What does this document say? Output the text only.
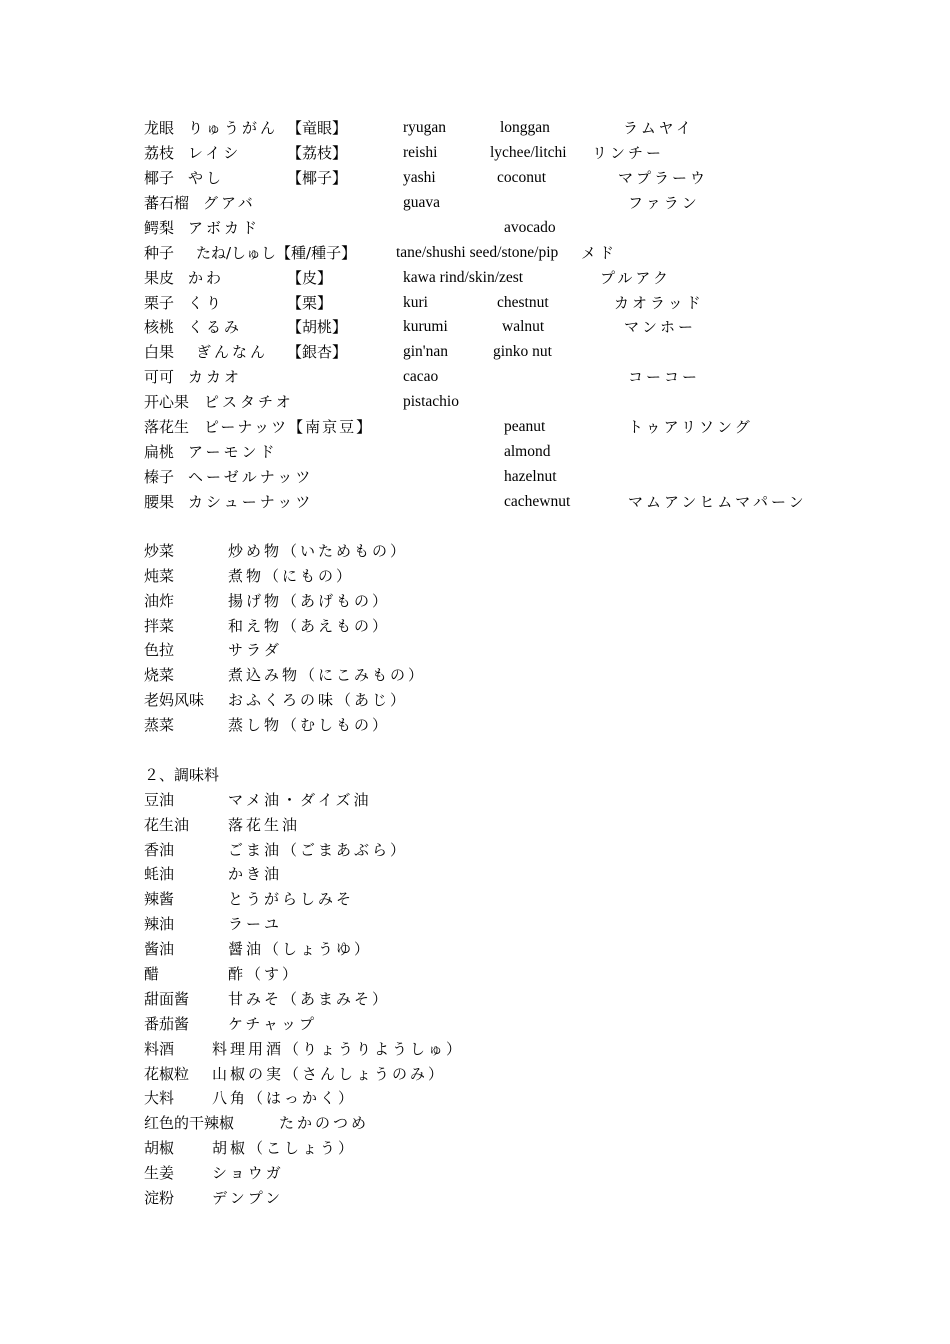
龙眼 りゅうがん 【竜眼】	ryugan	longgan	ラムヤイ
荔枝 レイシ	【荔枝】	reishi	lychee/litchi リンチー
椰子 やし	【椰子】	yashi	coconut	マプラーウ
蕃石榴 グアバ	guava	ファラン
鳄梨 アボカド	avocado
种子 たね/しゅし【種/種子】	tane/shushi seed/stone/pip メド
果皮 かわ	【皮】	kawa rind/skin/zest	プルアク
栗子 くり	【栗】	kuri	chestnut	カオラッド
核桃 くるみ	【胡桃】	kurumi	walnut	マンホー
白果 ぎんなん 【銀杏】	gin'nan	ginko nut
可可 カカオ	cacao	コーコー
开心果 ピスタチオ	pistachio
落花生 ピーナッツ【南京豆】	peanut	トゥアリソング
扁桃 アーモンド	almond
榛子 ヘーゼルナッツ	hazelnut
腰果 カシューナッツ	cachewnut	マムアンヒムマパーン
炒菜	炒め物（いためもの）
炖菜	煮物（にもの）
油炸	揚げ物（あげもの）
拌菜	和え物（あえもの）
色拉	サラダ
烧菜	煮込み物（にこみもの）
老妈风味 おふくろの味（あじ）
蒸菜	蒸し物（むしもの）
２、調味料
豆油	マメ油・ダイズ油
花生油	落花生油
香油	ごま油（ごまあぶら）
蚝油	かき油
辣酱	とうがらしみそ
辣油	ラーユ
酱油	醤油（しょうゆ）
醋	酢（す）
甜面酱	甘みそ（あまみそ）
番茄酱	ケチャップ
料酒	料理用酒（りょうりようしゅ）
花椒粒 山椒の実（さんしょうのみ）
大料	八角（はっかく）
红色的干辣椒	たかのつめ
胡椒	胡椒（こしょう）
生姜	ショウガ
淀粉	デンプン
